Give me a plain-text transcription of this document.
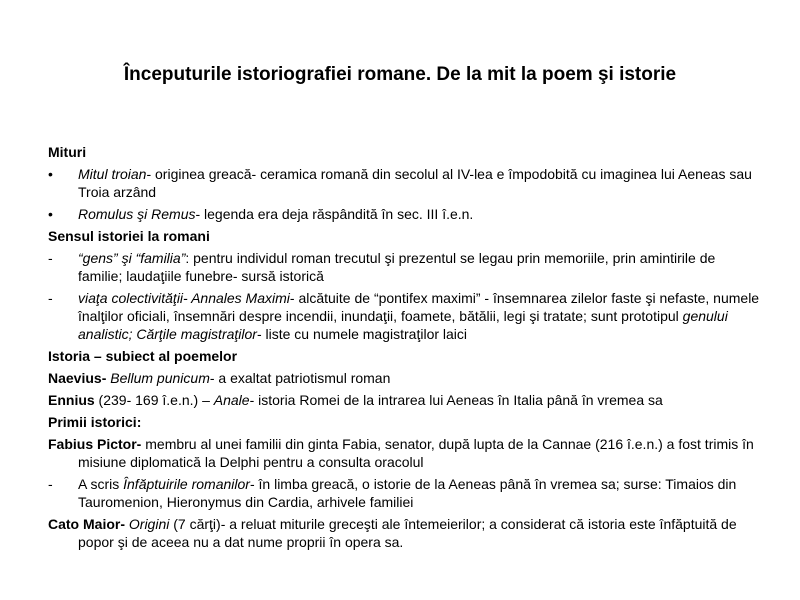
Începuturile istoriografiei romane. De la mit la poem şi istorie
Mituri
•	Mitul troian- originea greacă- ceramica romană din secolul al IV-lea e împodobită cu imaginea lui Aeneas sau Troia arzând
•	Romulus şi Remus- legenda era deja răspândită în sec. III î.e.n.
Sensul istoriei la romani
-	“gens” şi “familia”: pentru individul roman trecutul şi prezentul se legau prin memoriile, prin amintirile de familie; laudaţiile funebre- sursă istorică
-	viaţa colectivităţii- Annales Maximi- alcătuite de “pontifex maximi” - însemnarea zilelor faste şi nefaste, numele înalţilor oficiali, însemnări despre incendii, inundaţii, foamete, bătălii, legi şi tratate; sunt prototipul genului analistic; Cărţile magistraţilor- liste cu numele magistraţilor laici
Istoria – subiect al poemelor
Naevius- Bellum punicum- a exaltat patriotismul roman
Ennius (239- 169 î.e.n.) – Anale- istoria Romei de la intrarea lui Aeneas în Italia până în vremea sa
Primii istorici:
Fabius Pictor- membru al unei familii din ginta Fabia, senator, după lupta de la Cannae (216 î.e.n.) a fost trimis în misiune diplomatică la Delphi pentru a consulta oracolul
-	A scris Înfăptuirile romanilor- în limba greacă, o istorie de la Aeneas până în vremea sa; surse: Timaios din Tauromenion, Hieronymus din Cardia, arhivele familiei
Cato Maior- Origini (7 cărţi)- a reluat miturile greceşti ale întemeierilor; a considerat că istoria este înfăptuită de popor şi de aceea nu a dat nume proprii în opera sa.
